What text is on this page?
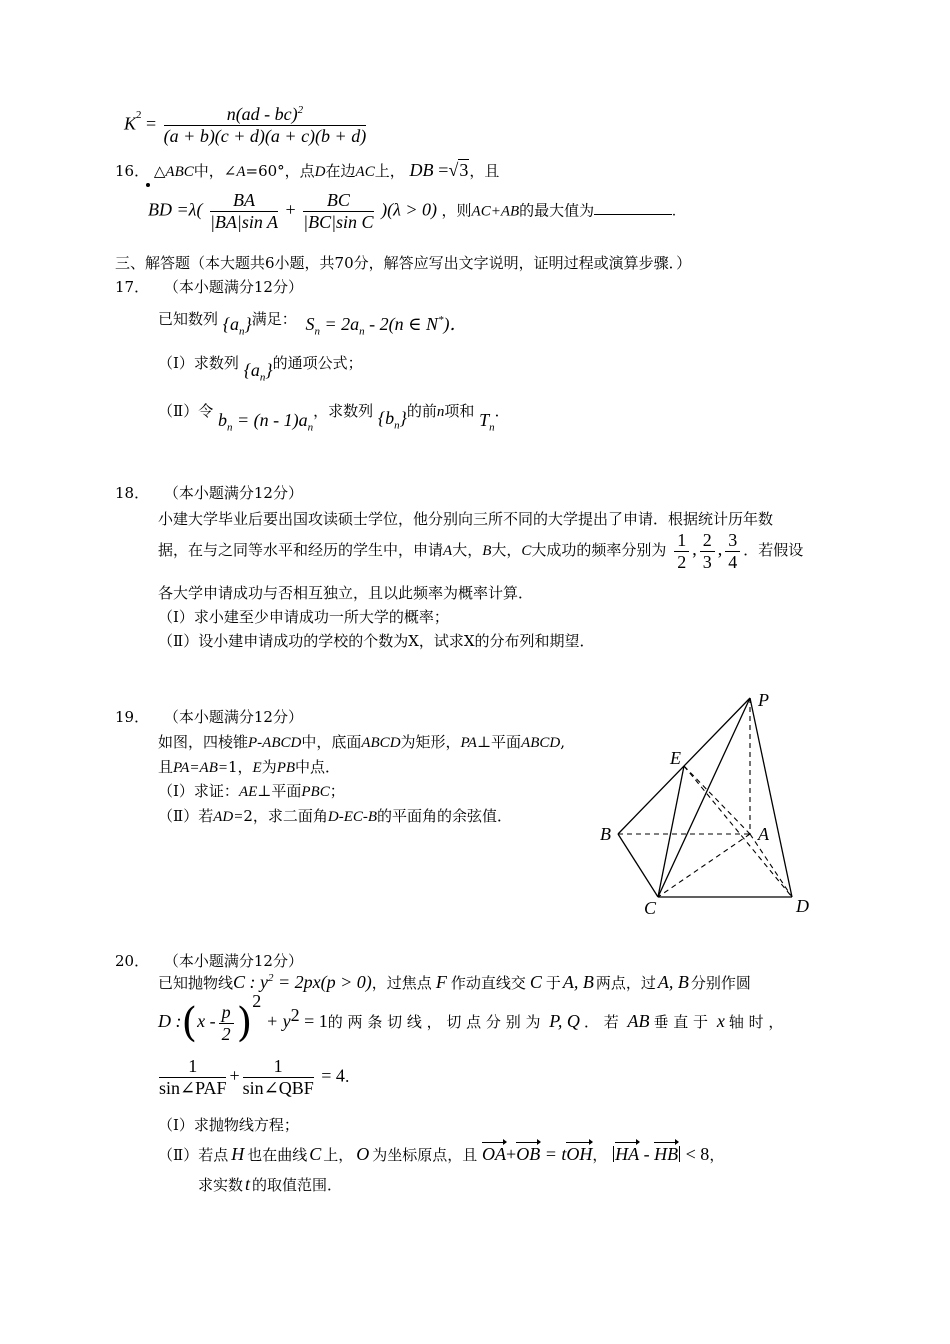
$K^2 = \frac{n(ad - bc)^2}{(a + b)(c + d)(a + c)(b + d)}$
16． △ABC中，∠A=60°，点D在边AC上， DB =√3，且
BD $=\lambda( \frac{BA}{\text{|BA|sin A}} + \frac{BC}{\text{|BC|sin C}} )(\lambda > 0)$ ，则AC+AB的最大值为	.
三、解答题（本大题共6小题，共70分，解答应写出文字说明，证明过程或演算步骤．）
17． （本小题满分12分）
已知数列 $\{a_n\}$满足： $S_n = 2a_n - 2(n$ ∈ N*)．
（Ⅰ）求数列 $\{a_n\}$的通项公式；
（Ⅱ）令 $b_n = (n - 1)a_n$，求数列 $\{b_n\}$的前n项和 $T_n$．
18． （本小题满分12分）
小建大学毕业后要出国攻读硕士学位，他分别向三所不同的大学提出了申请．根据统计历年数
据，在与之同等水平和经历的学生中，申请A大，B大，C大成功的频率分别为 $\frac{1}{2}$ , $\frac{2}{3}$ , $\frac{3}{4}$ ．若假设
各大学申请成功与否相互独立，且以此频率为概率计算．
（Ⅰ）求小建至少申请成功一所大学的概率；
（Ⅱ）设小建申请成功的学校的个数为X，试求X的分布列和期望．
19． （本小题满分12分）
如图，四棱锥P-ABCD中，底面ABCD为矩形，PA⊥平面ABCD,
且PA=AB=1，E为PB中点．
（Ⅰ）求证：AE⊥平面PBC；
（Ⅱ）若AD=2，求二面角D-EC-B的平面角的余弦值．
P
E
B	A
C	D
20． （本小题满分12分）
已知抛物线C : $y^2 = 2px(p > 0)$，过焦点 F 作动直线交 C 于 A, B 两点，过 A, B 分别作圆
D :(x - $\frac{p}{2} )^2 + y^2 = 1$的 两 条 切 线 ， 切 点 分 别 为 P, Q ． 若 AB 垂 直 于 x 轴 时 ，
$\frac{1}{\text{sin∠PAF}} + \frac{1}{\text{sin∠QBF}} = 4$．
（Ⅰ）求抛物线方程；
（Ⅱ）若点 H 也在曲线 C 上， O 为坐标原点，且 OA+OB = tOH， HA - HB < 8，
求实数 t 的取值范围．
